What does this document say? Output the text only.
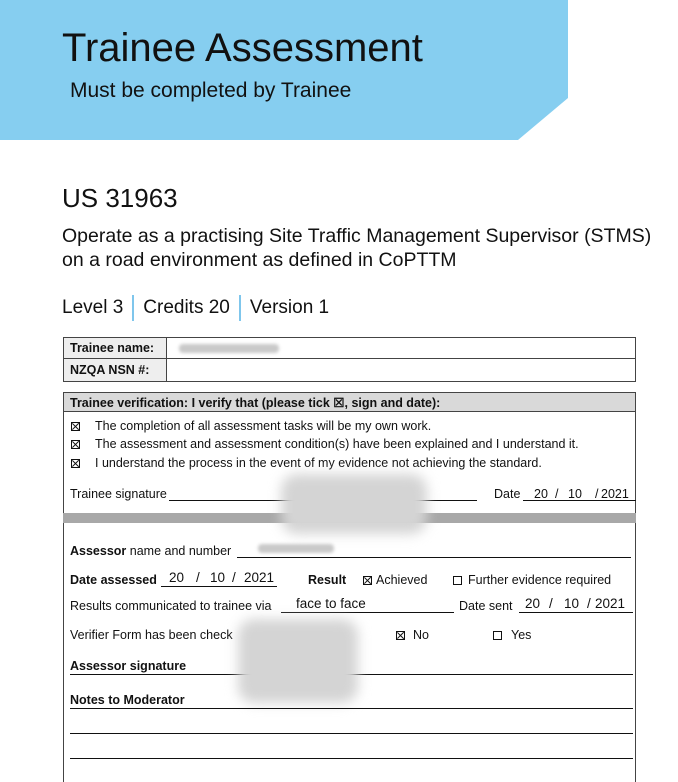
Trainee Assessment
Must be completed by Trainee
US 31963
Operate as a practising Site Traffic Management Supervisor (STMS) on a road environment as defined in CoPTTM
Level 3 Credits 20 Version 1
Trainee name:
NZQA NSN #:
Trainee verification: I verify that (please tick ☒, sign and date):
The completion of all assessment tasks will be my own work.
The assessment and assessment condition(s) have been explained and I understand it.
I understand the process in the event of my evidence not achieving the standard.
Trainee signature	Date 20 / 10 / 2021
Assessor name and number
Date assessed 20 / 10 / 2021	Result Achieved	Further evidence required
Results communicated to trainee via face to face	Date sent 20 / 10 / 2021
Verifier Form has been check	No	Yes
Assessor signature
Notes to Moderator
